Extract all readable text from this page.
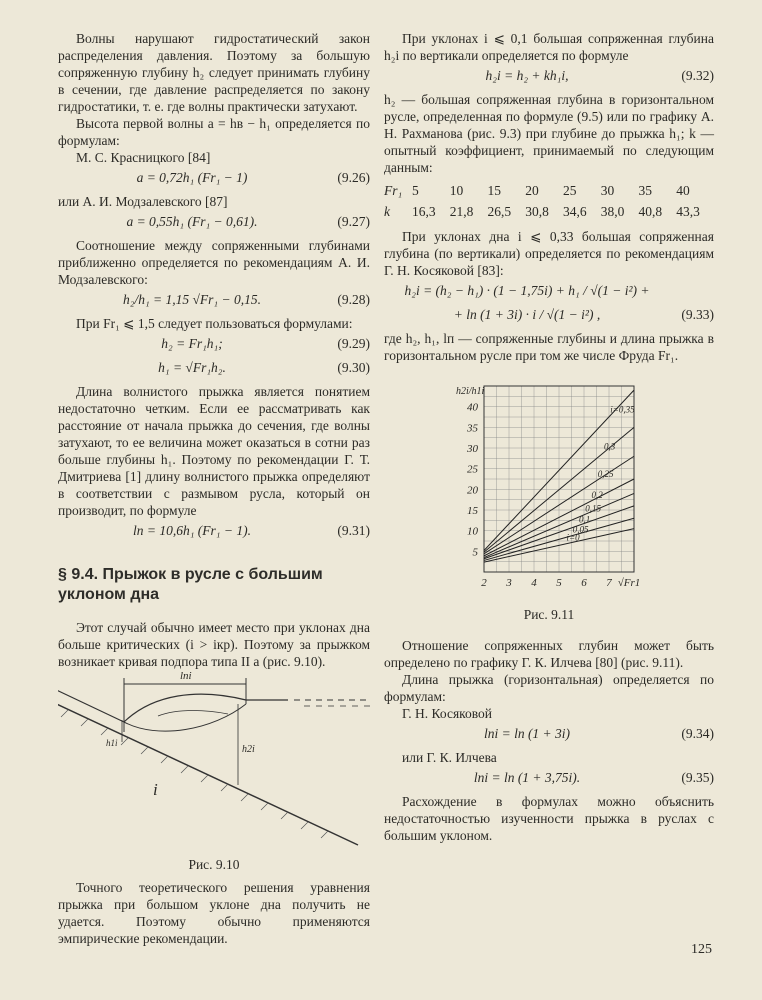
Волны нарушают гидростатический закон распределения давления. Поэтому за большую сопряженную глубину h₂ следует принимать глубину в сечении, где давление распределяется по закону гидростатики, т. е. где волны практически затухают.

Высота первой волны a = hв − h₁ определяется по формулам:

М. С. Красницкого [84]

a = 0,72h₁ (Fr₁ − 1)	(9.26)

или А. И. Модзалевского [87]

a = 0,55h₁ (Fr₁ − 0,61).	(9.27)

Соотношение между сопряженными глубинами приближенно определяется по рекомендациям А. И. Модзалевского:

h₂/h₁ = 1,15 √Fr₁ − 0,15.	(9.28)

При Fr₁ ⩽ 1,5 следует пользоваться формулами:

h₂ = Fr₁h₁;	(9.29)
h₁ = √Fr₁h₂.	(9.30)

Длина волнистого прыжка является понятием недостаточно четким. Если ее рассматривать как расстояние от начала прыжка до сечения, где волны затухают, то ее величина может оказаться в сотни раз больше глубины h₁. Поэтому по рекомендации Г. Т. Дмитриева [1] длину волнистого прыжка определяют в соответствии с размывом русла, который он производит, по формуле

lп = 10,6h₁ (Fr₁ − 1).	(9.31)
§ 9.4. Прыжок в русле с большим уклоном дна

Этот случай обычно имеет место при уклонах дна больше критических (i > iкр). Поэтому за прыжком возникает кривая подпора типа II a (рис. 9.10).

lпi
h2i
h1i
i
Рис. 9.10

Точного теоретического решения уравнения прыжка при большом уклоне дна получить не удается. Поэтому обычно применяются эмпирические рекомендации.

При уклонах i ⩽ 0,1 большая сопряженная глубина h₂i по вертикали определяется по формуле

h₂i = h₂ + kh₁i,	(9.32)

h₂ — большая сопряженная глубина в горизонтальном русле, определенная по формуле (9.5) или по графику А. Н. Рахманова (рис. 9.3) при глубине до прыжка h₁; k — опытный коэффициент, принимаемый по следующим данным:

Fr₁	5	10	15	20	25	30	35	40
k	16,3	21,8	26,5	30,8	34,6	38,0	40,8	43,3

При уклонах дна i ⩽ 0,33 большая сопряженная глубина (по вертикали) определяется по рекомендациям Г. Н. Косяковой [83]:

h₂i = (h₂ − h₁) · (1 − 1,75i) + h₁ / √(1 − i²) +
+ lп (1 + 3i) · i / √(1 − i²) ,	(9.33)

где h₂, h₁, lп — сопряженные глубины и длина прыжка в горизонтальном русле при том же числе Фруда Fr₁.

i=0
0,05
0,1
0,15
0,2
0,25
0,3
i=0,35
5
10
15
20
25
30
35
40
2 3 4 5 6 7 √Fr1
h2i/h1i
Рис. 9.11

Отношение сопряженных глубин может быть определено по графику Г. К. Илчева [80] (рис. 9.11).

Длина прыжка (горизонтальная) определяется по формулам:

Г. Н. Косяковой

lпi = lп (1 + 3i)	(9.34)

или Г. К. Илчева

lпi = lп (1 + 3,75i).	(9.35)

Расхождение в формулах можно объяснить недостаточностью изученности прыжка в руслах с большим уклоном.

125
